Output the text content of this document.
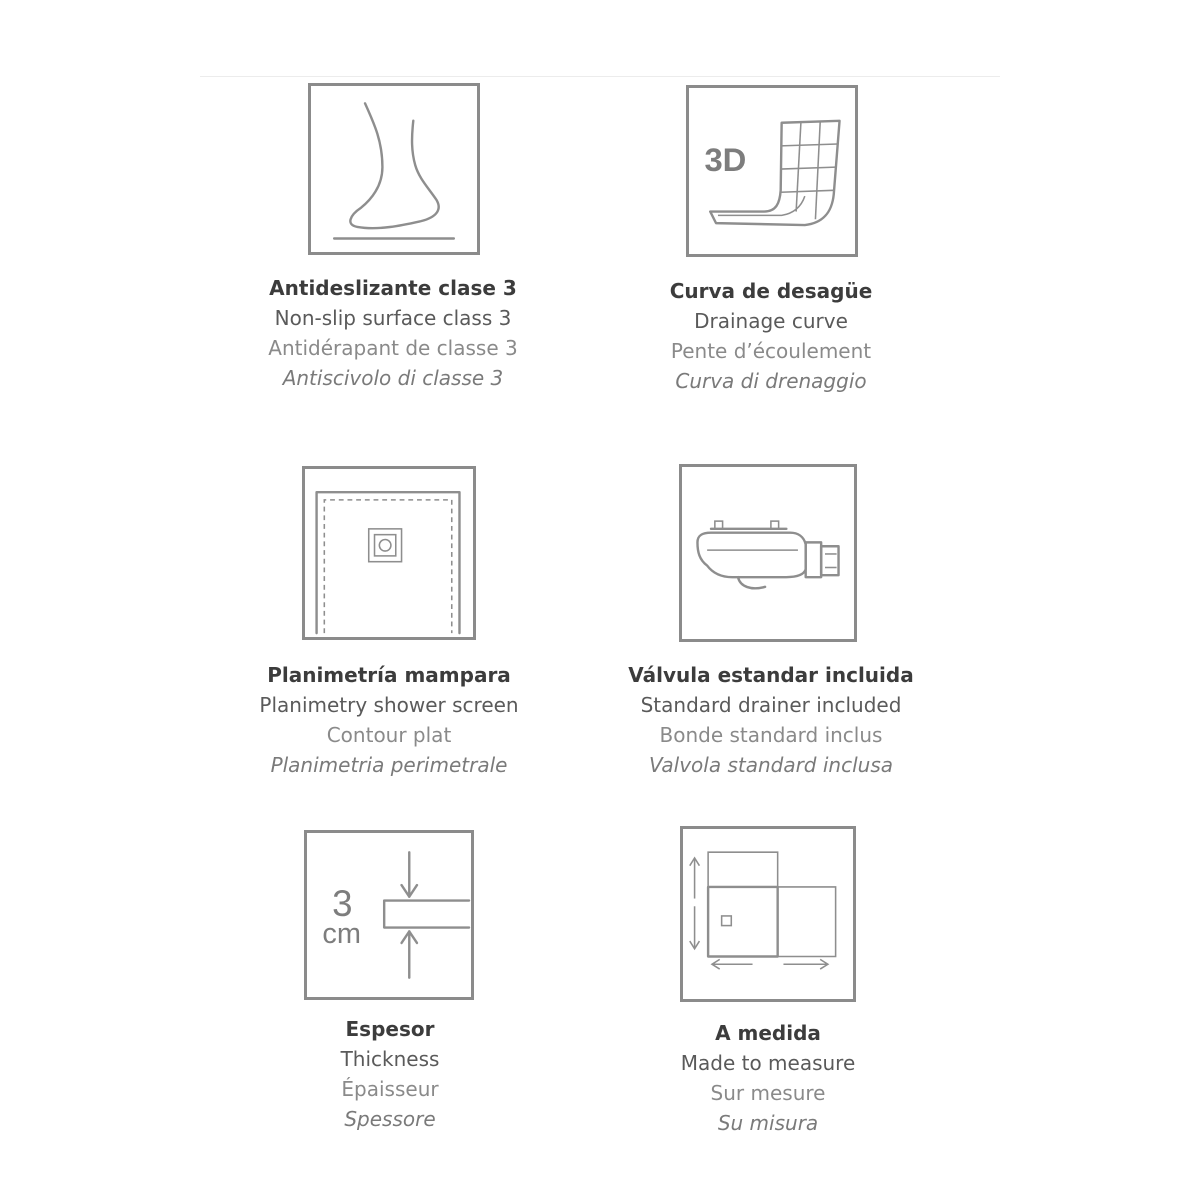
Antideslizante clase 3
Non-slip surface class 3
Antidérapant de classe 3
Antiscivolo di classe 3
3D
Curva de desagüe
Drainage curve
Pente d’écoulement
Curva di drenaggio
Planimetría mampara
Planimetry shower screen
Contour plat
Planimetria perimetrale
Válvula estandar incluida
Standard drainer included
Bonde standard inclus
Valvola standard inclusa
3
cm
Espesor
Thickness
Épaisseur
Spessore
A medida
Made to measure
Sur mesure
Su misura
